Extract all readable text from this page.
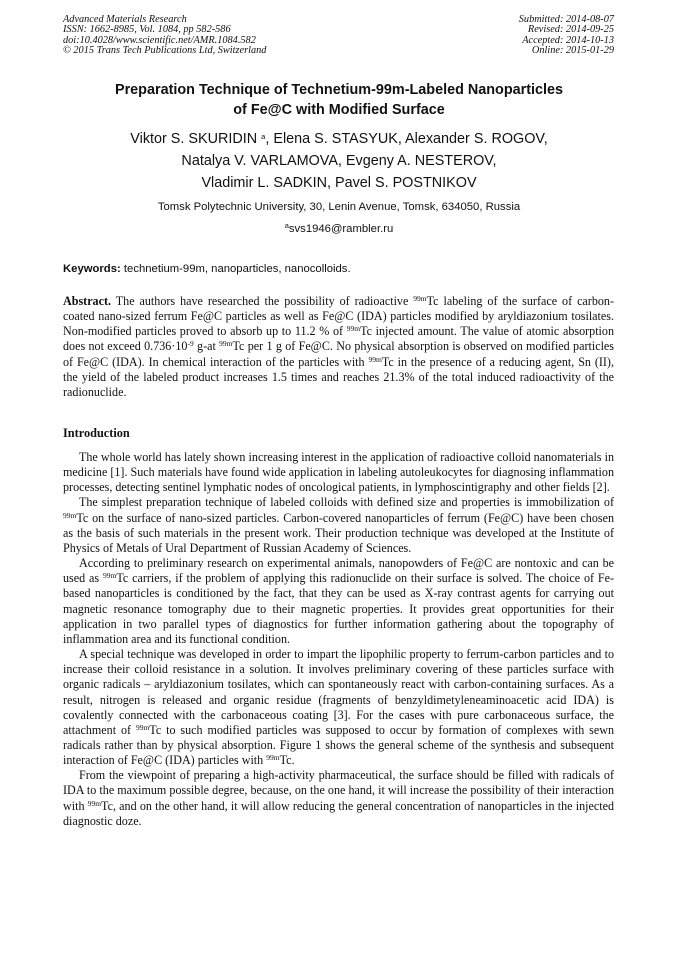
Advanced Materials Research
ISSN: 1662-8985, Vol. 1084, pp 582-586
doi:10.4028/www.scientific.net/AMR.1084.582
© 2015 Trans Tech Publications Ltd, Switzerland
Submitted: 2014-08-07
Revised: 2014-09-25
Accepted: 2014-10-13
Online: 2015-01-29
Preparation Technique of Technetium-99m-Labeled Nanoparticles
of Fe@C with Modified Surface
Viktor S. SKURIDIN $^a$, Elena S. STASYUK, Alexander S. ROGOV,
Natalya V. VARLAMOVA, Evgeny A. NESTEROV,
Vladimir L. SADKIN, Pavel S. POSTNIKOV
Tomsk Polytechnic University, 30, Lenin Avenue, Tomsk, 634050, Russia
$^a$svs1946@rambler.ru
Keywords: technetium-99m, nanoparticles, nanocolloids.
Abstract. The authors have researched the possibility of radioactive $^{99m}$Tc labeling of the surface of carbon-coated nano-sized ferrum Fe@C particles as well as Fe@C (IDA) particles modified by aryldiazonium tosilates. Non-modified particles proved to absorb up to 11.2 % of $^{99m}$Tc injected amount. The value of atomic absorption does not exceed $0.736\cdot 10^{-9}$ g-at $^{99m}$Tc per 1 g of Fe@C. No physical absorption is observed on modified particles of Fe@C (IDA). In chemical interaction of the particles with $^{99m}$Tc in the presence of a reducing agent, Sn (II), the yield of the labeled product increases 1.5 times and reaches 21.3% of the total induced radioactivity of the radionuclide.
Introduction

The whole world has lately shown increasing interest in the application of radioactive colloid nanomaterials in medicine [1]. Such materials have found wide application in labeling autoleukocytes for diagnosing inflammation processes, detecting sentinel lymphatic nodes of oncological patients, in lymphoscintigraphy and other fields [2].

The simplest preparation technique of labeled colloids with defined size and properties is immobilization of $^{99m}$Tc on the surface of nano-sized particles. Carbon-covered nanoparticles of ferrum (Fe@C) have been chosen as the basis of such materials in the present work. Their production technique was developed at the Institute of Physics of Metals of Ural Department of Russian Academy of Sciences.

According to preliminary research on experimental animals, nanopowders of Fe@C are nontoxic and can be used as $^{99m}$Tc carriers, if the problem of applying this radionuclide on their surface is solved. The choice of Fe-based nanoparticles is conditioned by the fact, that they can be used as X-ray contrast agents for carrying out magnetic resonance tomography due to their magnetic properties. It provides great opportunities for their application in two parallel types of diagnostics for further information gathering about the topography of inflammation area and its functional condition.

A special technique was developed in order to impart the lipophilic property to ferrum-carbon particles and to increase their colloid resistance in a solution. It involves preliminary covering of these particles surface with organic radicals – aryldiazonium tosilates, which can spontaneously react with carbon-containing surfaces. As a result, nitrogen is released and organic residue (fragments of benzyldimetyleneaminoacetic acid IDA) is covalently connected with the carbonaceous coating [3]. For the cases with pure carbonaceous surface, the attachment of $^{99m}$Tc to such modified particles was supposed to occur by formation of complexes with sewn radicals rather than by physical absorption. Figure 1 shows the general scheme of the synthesis and subsequent interaction of Fe@C (IDA) particles with $^{99m}$Tc.

From the viewpoint of preparing a high-activity pharmaceutical, the surface should be filled with radicals of IDA to the maximum possible degree, because, on the one hand, it will increase the possibility of their interaction with $^{99m}$Tc, and on the other hand, it will allow reducing the general concentration of nanoparticles in the injected diagnostic doze.
